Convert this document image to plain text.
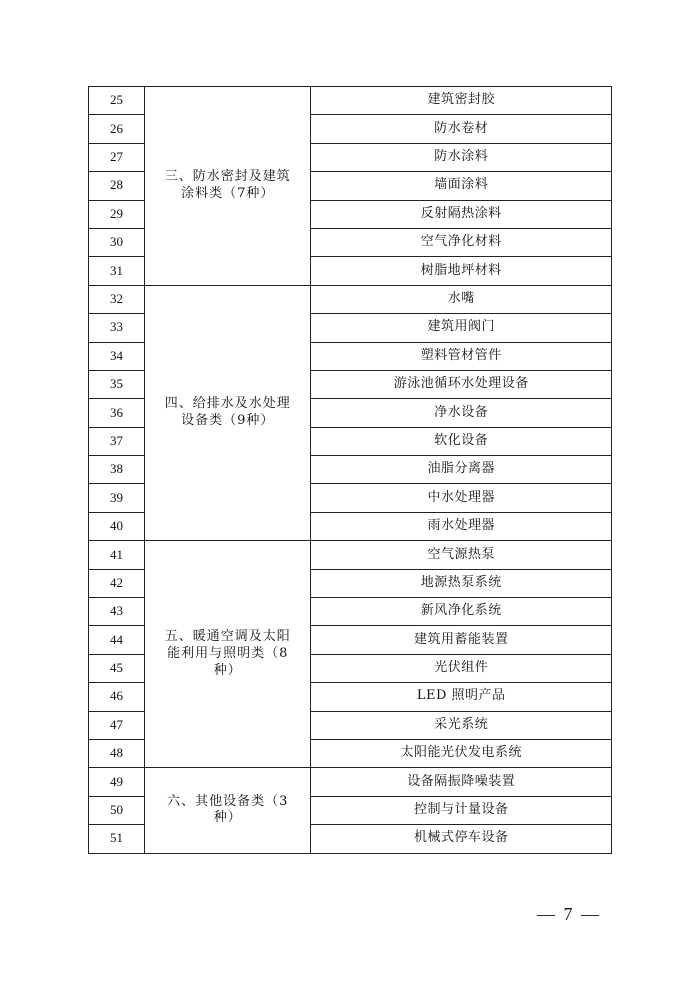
25	三、防水密封及建筑涂料类（7种）	建筑密封胶
26		防水卷材
27		防水涂料
28		墙面涂料
29		反射隔热涂料
30		空气净化材料
31		树脂地坪材料
32	四、给排水及水处理设备类（9种）	水嘴
33		建筑用阀门
34		塑料管材管件
35		游泳池循环水处理设备
36		净水设备
37		软化设备
38		油脂分离器
39		中水处理器
40		雨水处理器
41	五、暖通空调及太阳能利用与照明类（8种）	空气源热泵
42		地源热泵系统
43		新风净化系统
44		建筑用蓄能装置
45		光伏组件
46		LED 照明产品
47		采光系统
48		太阳能光伏发电系统
49	六、其他设备类（3种）	设备隔振降噪装置
50		控制与计量设备
51		机械式停车设备
— 7 —
